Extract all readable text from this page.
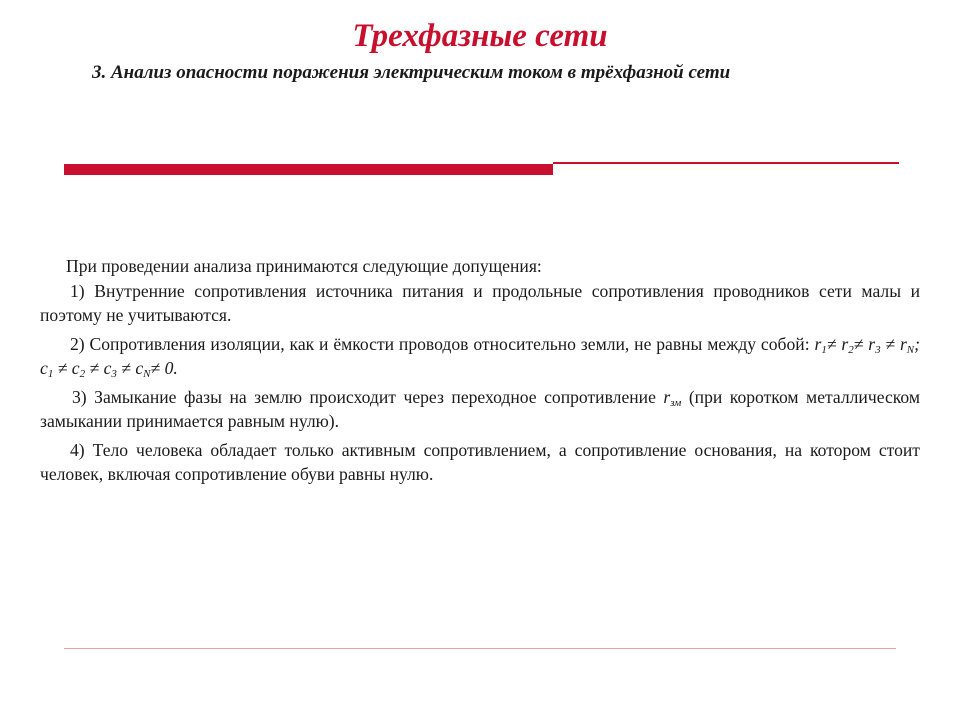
Трехфазные сети
3. Анализ опасности поражения электрическим током в трёхфазной сети

При проведении анализа принимаются следующие допущения:

1) Внутренние сопротивления источника питания и продольные сопротивления проводников сети малы и поэтому не учитываются.

2) Сопротивления изоляции, как и ёмкости проводов относительно земли, не равны между собой: $r_1\ne r_2\ne r_3 \ne r_N$; $c_1 \ne c_2 \ne c_3 \ne c_N\ne 0$.

3) Замыкание фазы на землю происходит через переходное сопротивление $r_{зм}$ (при коротком металлическом замыкании принимается равным нулю).

4) Тело человека обладает только активным сопротивлением, а сопротивление основания, на котором стоит человек, включая сопротивление обуви равны нулю.
